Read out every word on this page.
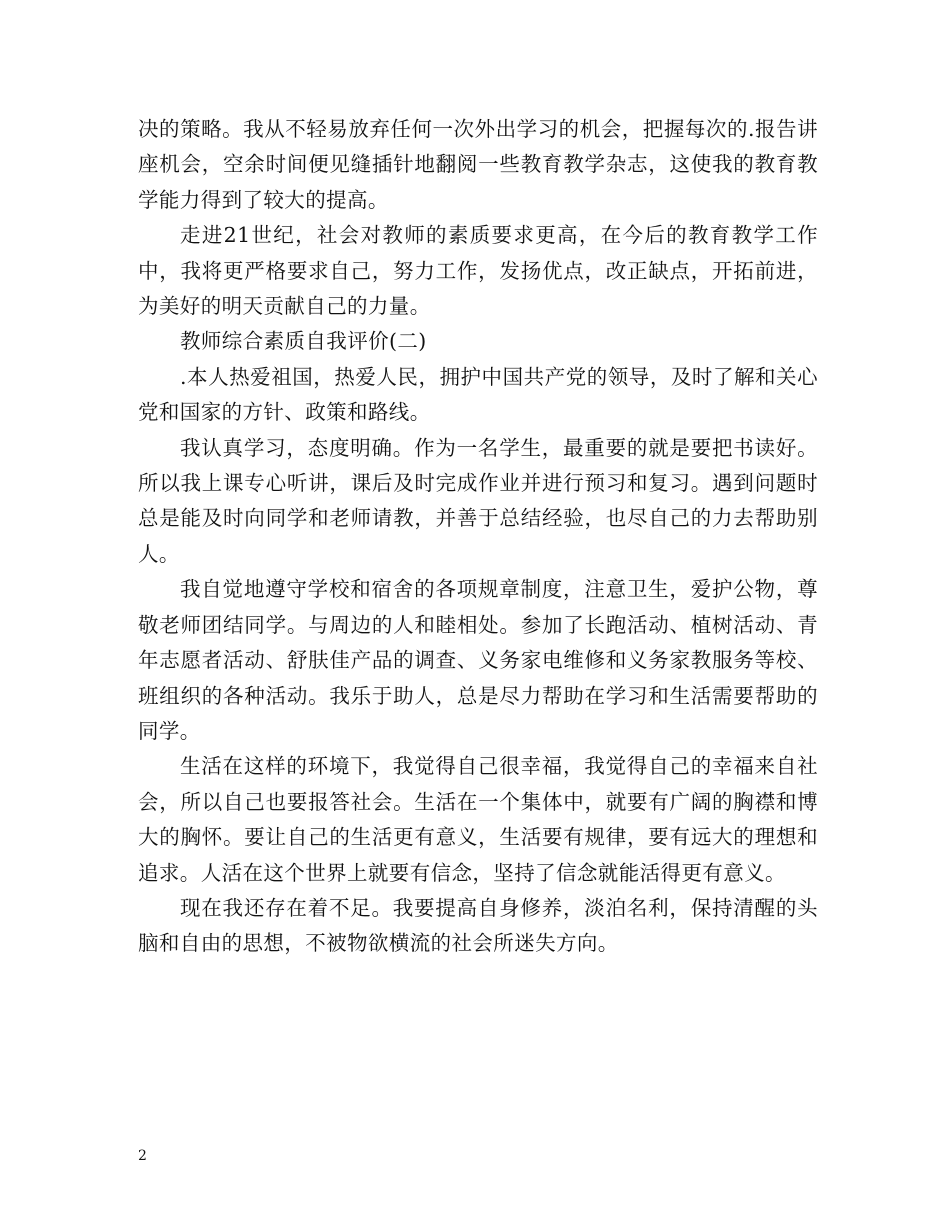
决的策略。我从不轻易放弃任何一次外出学习的机会，把握每次的.报告讲座机会，空余时间便见缝插针地翻阅一些教育教学杂志，这使我的教育教学能力得到了较大的提高。

走进21世纪，社会对教师的素质要求更高，在今后的教育教学工作中，我将更严格要求自己，努力工作，发扬优点，改正缺点，开拓前进，为美好的明天贡献自己的力量。

教师综合素质自我评价(二)

.本人热爱祖国，热爱人民，拥护中国共产党的领导，及时了解和关心党和国家的方针、政策和路线。

我认真学习，态度明确。作为一名学生，最重要的就是要把书读好。所以我上课专心听讲，课后及时完成作业并进行预习和复习。遇到问题时总是能及时向同学和老师请教，并善于总结经验，也尽自己的力去帮助别人。

我自觉地遵守学校和宿舍的各项规章制度，注意卫生，爱护公物，尊敬老师团结同学。与周边的人和睦相处。参加了长跑活动、植树活动、青年志愿者活动、舒肤佳产品的调查、义务家电维修和义务家教服务等校、班组织的各种活动。我乐于助人，总是尽力帮助在学习和生活需要帮助的同学。

生活在这样的环境下，我觉得自己很幸福，我觉得自己的幸福来自社会，所以自己也要报答社会。生活在一个集体中，就要有广阔的胸襟和博大的胸怀。要让自己的生活更有意义，生活要有规律，要有远大的理想和追求。人活在这个世界上就要有信念，坚持了信念就能活得更有意义。

现在我还存在着不足。我要提高自身修养，淡泊名利，保持清醒的头脑和自由的思想，不被物欲横流的社会所迷失方向。

2
